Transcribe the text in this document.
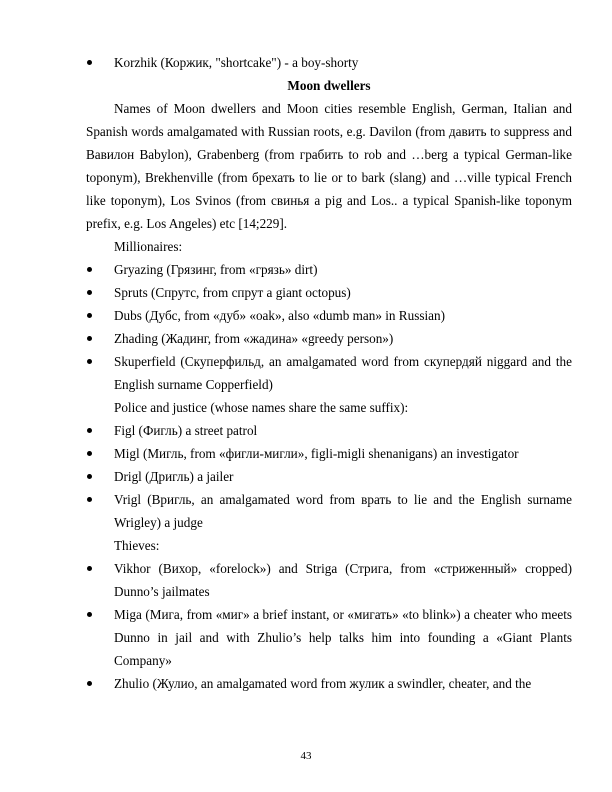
Korzhik (Коржик, "shortcake") - a boy-shorty
Moon dwellers
Names of Moon dwellers and Moon cities resemble English, German, Italian and Spanish words amalgamated with Russian roots, e.g. Davilon (from давить to suppress and Вавилон Babylon), Grabenberg (from грабить to rob and …berg a typical German-like toponym), Brekhenville (from брехать to lie or to bark (slang) and …ville typical French like toponym), Los Svinos (from свинья a pig and Los.. a typical Spanish-like toponym prefix, e.g. Los Angeles) etc [14;229].
Millionaires:
Gryazing (Грязинг, from «грязь» dirt)
Spruts (Спрутс, from спрут a giant octopus)
Dubs (Дубс, from «дуб» «oak», also «dumb man» in Russian)
Zhading (Жадинг, from «жадина» «greedy person»)
Skuperfield (Скуперфильд, an amalgamated word from скупердяй niggard and the English surname Copperfield)
Police and justice (whose names share the same suffix):
Figl (Фигль) a street patrol
Migl (Мигль, from «фигли-мигли», figli-migli shenanigans) an investigator
Drigl (Дригль) a jailer
Vrigl (Вригль, an amalgamated word from врать to lie and the English surname Wrigley) a judge
Thieves:
Vikhor (Вихор, «forelock») and Striga (Стрига, from «стриженный» cropped) Dunno’s jailmates
Miga (Мига, from «миг» a brief instant, or «мигать» «to blink») a cheater who meets Dunno in jail and with Zhulio’s help talks him into founding a «Giant Plants Company»
Zhulio (Жулио, an amalgamated word from жулик a swindler, cheater, and the
43
